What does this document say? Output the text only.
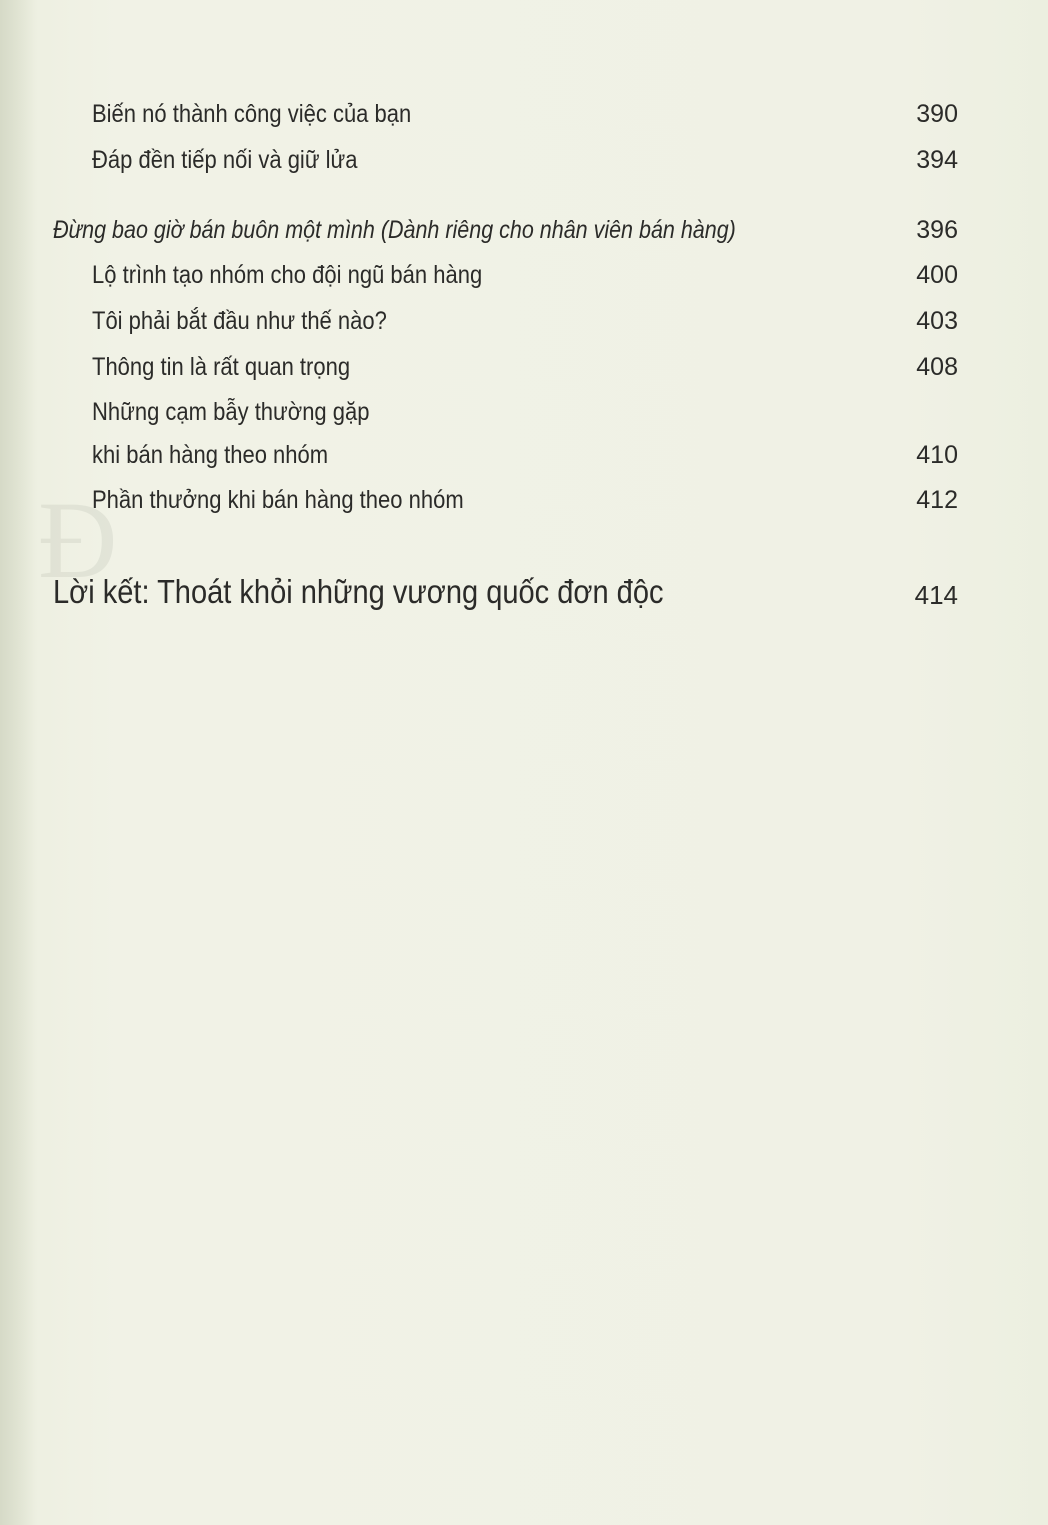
Đ
Biến nó thành công việc của bạn	390
Đáp đền tiếp nối và giữ lửa	394
Đừng bao giờ bán buôn một mình (Dành riêng cho nhân viên bán hàng)	396
Lộ trình tạo nhóm cho đội ngũ bán hàng	400
Tôi phải bắt đầu như thế nào?	403
Thông tin là rất quan trọng	408
Những cạm bẫy thường gặp
khi bán hàng theo nhóm	410
Phần thưởng khi bán hàng theo nhóm	412
Lời kết: Thoát khỏi những vương quốc đơn độc	414
